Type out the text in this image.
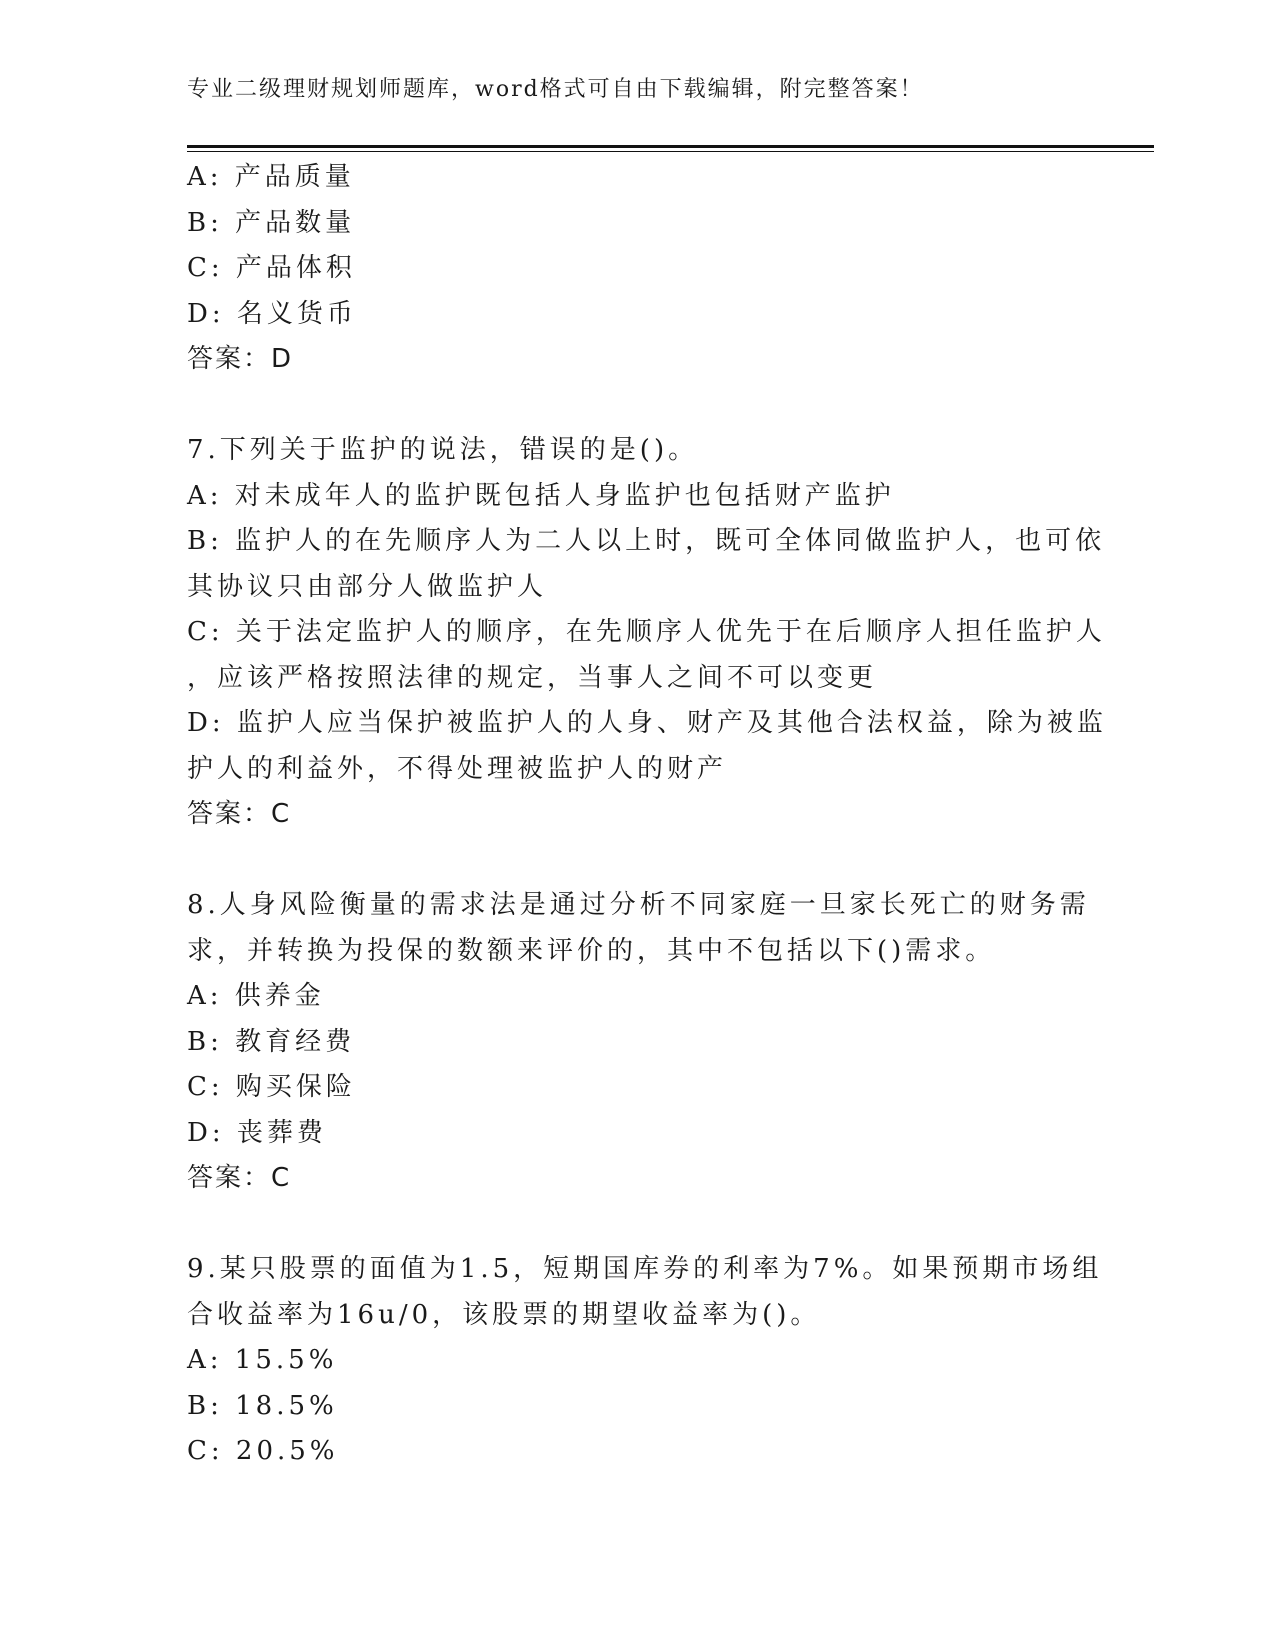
专业二级理财规划师题库，word格式可自由下载编辑，附完整答案！
A: 产品质量
B: 产品数量
C: 产品体积
D: 名义货币
答案：D
7.下列关于监护的说法，错误的是()。
A: 对未成年人的监护既包括人身监护也包括财产监护
B: 监护人的在先顺序人为二人以上时，既可全体同做监护人，也可依
其协议只由部分人做监护人
C: 关于法定监护人的顺序，在先顺序人优先于在后顺序人担任监护人
，应该严格按照法律的规定，当事人之间不可以变更
D: 监护人应当保护被监护人的人身、财产及其他合法权益，除为被监
护人的利益外，不得处理被监护人的财产
答案：C
8.人身风险衡量的需求法是通过分析不同家庭一旦家长死亡的财务需
求，并转换为投保的数额来评价的，其中不包括以下()需求。
A: 供养金
B: 教育经费
C: 购买保险
D: 丧葬费
答案：C
9.某只股票的面值为1.5，短期国库券的利率为7%。如果预期市场组
合收益率为16u/0，该股票的期望收益率为()。
A: 15.5%
B: 18.5%
C: 20.5%
